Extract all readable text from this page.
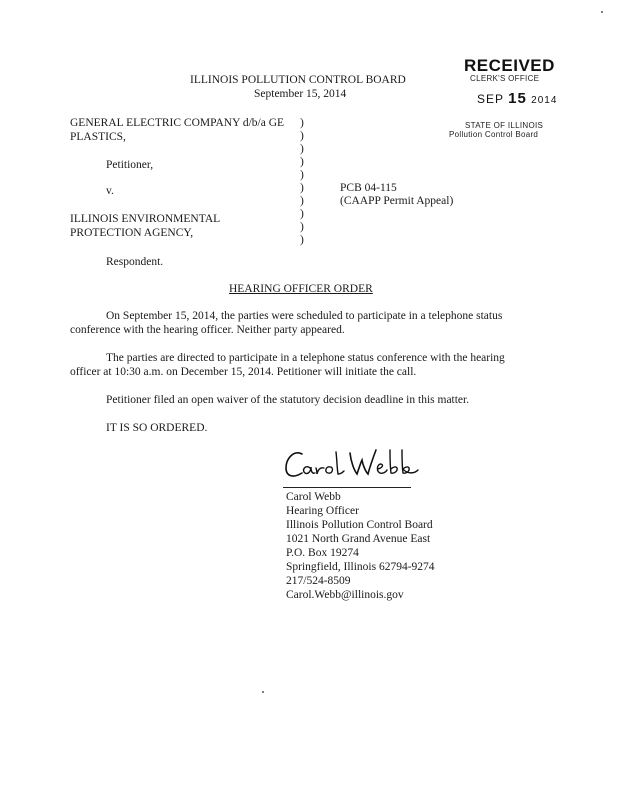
ILLINOIS POLLUTION CONTROL BOARD
September 15, 2014
RECEIVED
CLERK'S OFFICE
SEP 15 2014
STATE OF ILLINOIS
Pollution Control Board
GENERAL ELECTRIC COMPANY d/b/a GE
PLASTICS,
Petitioner,
v.
ILLINOIS ENVIRONMENTAL
PROTECTION AGENCY,
Respondent.
)
)
)
)
)
)
)
)
)
)
PCB 04-115
(CAAPP Permit Appeal)
HEARING OFFICER ORDER
On September 15, 2014, the parties were scheduled to participate in a telephone status
conference with the hearing officer. Neither party appeared.
The parties are directed to participate in a telephone status conference with the hearing
officer at 10:30 a.m. on December 15, 2014. Petitioner will initiate the call.
Petitioner filed an open waiver of the statutory decision deadline in this matter.
IT IS SO ORDERED.
Carol Webb
Hearing Officer
Illinois Pollution Control Board
1021 North Grand Avenue East
P.O. Box 19274
Springfield, Illinois 62794-9274
217/524-8509
Carol.Webb@illinois.gov
